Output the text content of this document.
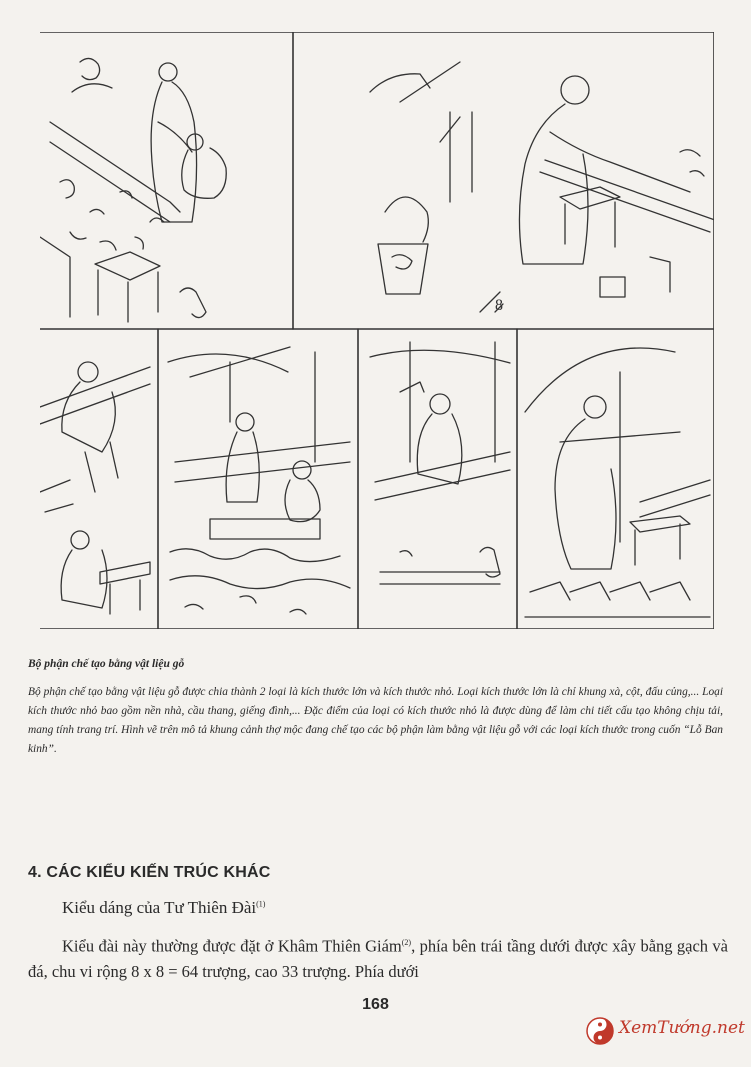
8
Bộ phận chế tạo bằng vật liệu gỗ
Bộ phận chế tạo bằng vật liệu gỗ được chia thành 2 loại là kích thước lớn và kích thước nhỏ. Loại kích thước lớn là chỉ khung xà, cột, đấu củng,... Loại kích thước nhỏ bao gồm nền nhà, cầu thang, giếng đình,... Đặc điểm của loại có kích thước nhỏ là được dùng để làm chi tiết cấu tạo không chịu tải, mang tính trang trí. Hình vẽ trên mô tả khung cảnh thợ mộc đang chế tạo các bộ phận làm bằng vật liệu gỗ với các loại kích thước trong cuốn “Lỗ Ban kinh”.
4. CÁC KIỂU KIẾN TRÚC KHÁC
Kiểu dáng của Tư Thiên Đài$^{(1)}$
Kiểu đài này thường được đặt ở Khâm Thiên Giám$^{(2)}$, phía bên trái tầng dưới được xây bằng gạch và đá, chu vi rộng 8 x 8 = 64 trượng, cao 33 trượng. Phía dưới
168
XemTướng.net
